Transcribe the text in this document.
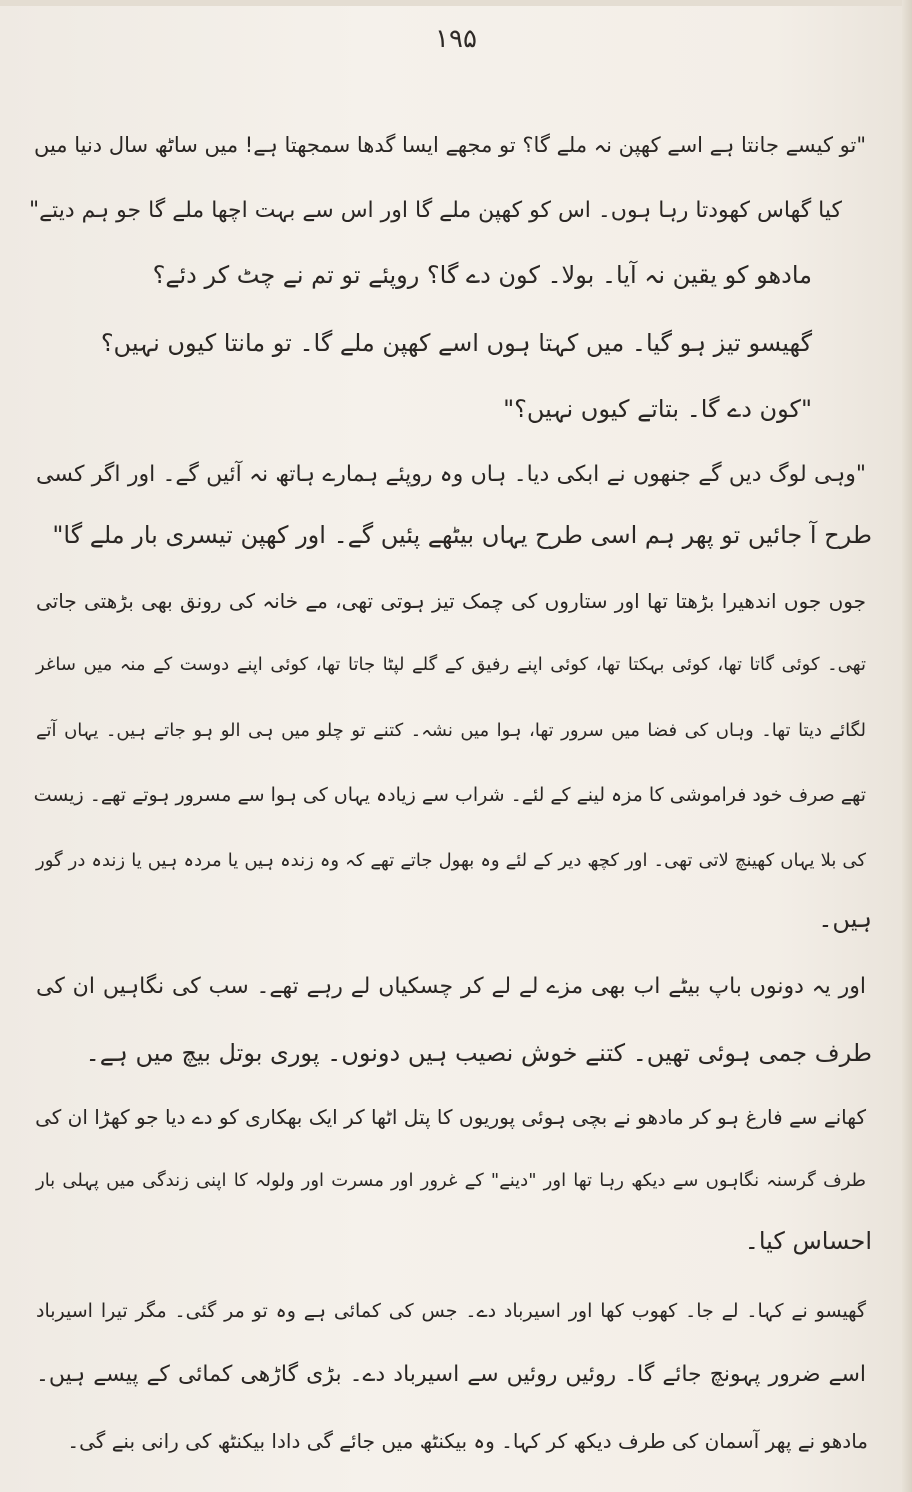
۱۹۵
"تو کیسے جانتا ہے اسے کھپن نہ ملے گا؟ تو مجھے ایسا گدھا سمجھتا ہے! میں ساٹھ سال دنیا میں
کیا گھاس کھودتا رہا ہوں۔ اس کو کھپن ملے گا اور اس سے بہت اچھا ملے گا جو ہم دیتے"
مادھو کو یقین نہ آیا۔ بولا۔ کون دے گا؟ روپئے تو تم نے چٹ کر دئے؟
گھیسو تیز ہو گیا۔ میں کہتا ہوں اسے کھپن ملے گا۔ تو مانتا کیوں نہیں؟
"کون دے گا۔ بتاتے کیوں نہیں؟"
"وہی لوگ دیں گے جنھوں نے ابکی دیا۔ ہاں وہ روپئے ہمارے ہاتھ نہ آئیں گے۔ اور اگر کسی
طرح آ جائیں تو پھر ہم اسی طرح یہاں بیٹھے پئیں گے۔ اور کھپن تیسری بار ملے گا"
جوں جوں اندھیرا بڑھتا تھا اور ستاروں کی چمک تیز ہوتی تھی، مے خانہ کی رونق بھی بڑھتی جاتی
تھی۔ کوئی گاتا تھا، کوئی بہکتا تھا، کوئی اپنے رفیق کے گلے لپٹا جاتا تھا، کوئی اپنے دوست کے منہ میں ساغر
لگائے دیتا تھا۔ وہاں کی فضا میں سرور تھا، ہوا میں نشہ۔ کتنے تو چلو میں ہی الو ہو جاتے ہیں۔ یہاں آتے
تھے صرف خود فراموشی کا مزہ لینے کے لئے۔ شراب سے زیادہ یہاں کی ہوا سے مسرور ہوتے تھے۔ زیست
کی بلا یہاں کھینچ لاتی تھی۔ اور کچھ دیر کے لئے وہ بھول جاتے تھے کہ وہ زندہ ہیں یا مردہ ہیں یا زندہ در گور
ہیں۔
اور یہ دونوں باپ بیٹے اب بھی مزے لے لے کر چسکیاں لے رہے تھے۔ سب کی نگاہیں ان کی
طرف جمی ہوئی تھیں۔ کتنے خوش نصیب ہیں دونوں۔ پوری بوتل بیچ میں ہے۔
کھانے سے فارغ ہو کر مادھو نے بچی ہوئی پوریوں کا پتل اٹھا کر ایک بھکاری کو دے دیا جو کھڑا ان کی
طرف گرسنہ نگاہوں سے دیکھ رہا تھا اور "دینے" کے غرور اور مسرت اور ولولہ کا اپنی زندگی میں پہلی بار
احساس کیا۔
گھیسو نے کہا۔ لے جا۔ کھوب کھا اور اسیرباد دے۔ جس کی کمائی ہے وہ تو مر گئی۔ مگر تیرا اسیرباد
اسے ضرور پہونچ جائے گا۔ روئیں روئیں سے اسیرباد دے۔ بڑی گاڑھی کمائی کے پیسے ہیں۔
مادھو نے پھر آسمان کی طرف دیکھ کر کہا۔ وہ بیکنٹھ میں جائے گی دادا بیکنٹھ کی رانی بنے گی۔
